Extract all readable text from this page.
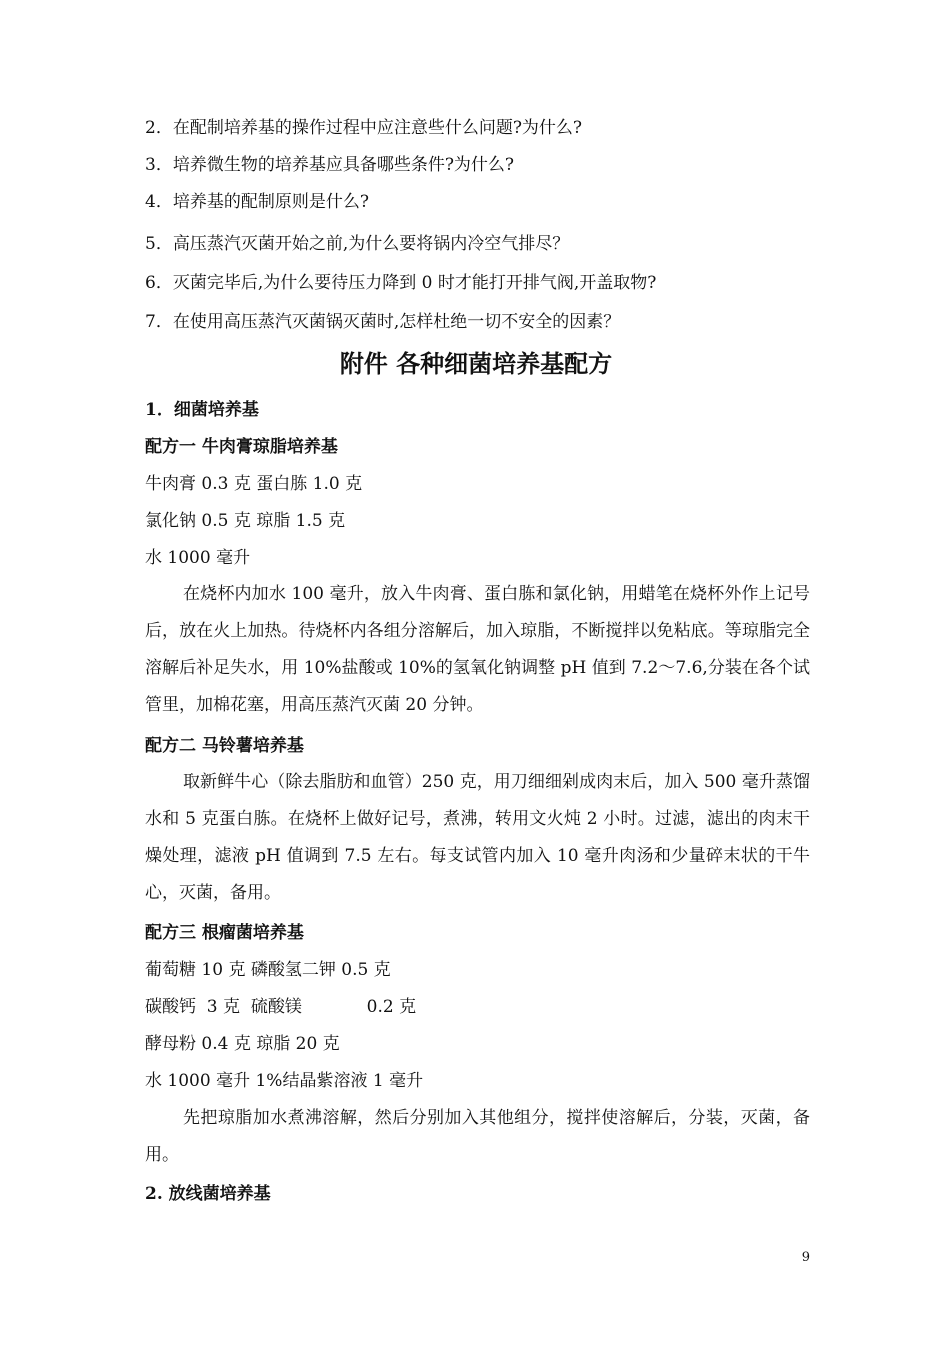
2．在配制培养基的操作过程中应注意些什么问题?为什么?
3．培养微生物的培养基应具备哪些条件?为什么?
4．培养基的配制原则是什么?
5．高压蒸汽灭菌开始之前,为什么要将锅内冷空气排尽？
6．灭菌完毕后,为什么要待压力降到 0 时才能打开排气阀,开盖取物?
7．在使用高压蒸汽灭菌锅灭菌时,怎样杜绝一切不安全的因素？
附件 各种细菌培养基配方
1．细菌培养基
配方一 牛肉膏琼脂培养基
牛肉膏 0.3 克 蛋白胨 1.0 克
氯化钠 0.5 克 琼脂 1.5 克
水 1000 毫升
在烧杯内加水 100 毫升，放入牛肉膏、蛋白胨和氯化钠，用蜡笔在烧杯外作上记号后，放在火上加热。待烧杯内各组分溶解后，加入琼脂，不断搅拌以免粘底。等琼脂完全溶解后补足失水，用 10%盐酸或 10%的氢氧化钠调整 pH 值到 7.2～7.6,分装在各个试管里，加棉花塞，用高压蒸汽灭菌 20 分钟。
配方二 马铃薯培养基
取新鲜牛心（除去脂肪和血管）250 克，用刀细细剁成肉末后，加入 500 毫升蒸馏水和 5 克蛋白胨。在烧杯上做好记号，煮沸，转用文火炖 2 小时。过滤，滤出的肉末干燥处理，滤液 pH 值调到 7.5 左右。每支试管内加入 10 毫升肉汤和少量碎末状的干牛心，灭菌，备用。
配方三 根瘤菌培养基
葡萄糖 10 克 磷酸氢二钾 0.5 克
碳酸钙  3 克  硫酸镁            0.2 克
酵母粉 0.4 克 琼脂 20 克
水 1000 毫升 1%结晶紫溶液 1 毫升
先把琼脂加水煮沸溶解，然后分别加入其他组分，搅拌使溶解后，分装，灭菌，备用。
2. 放线菌培养基
9
